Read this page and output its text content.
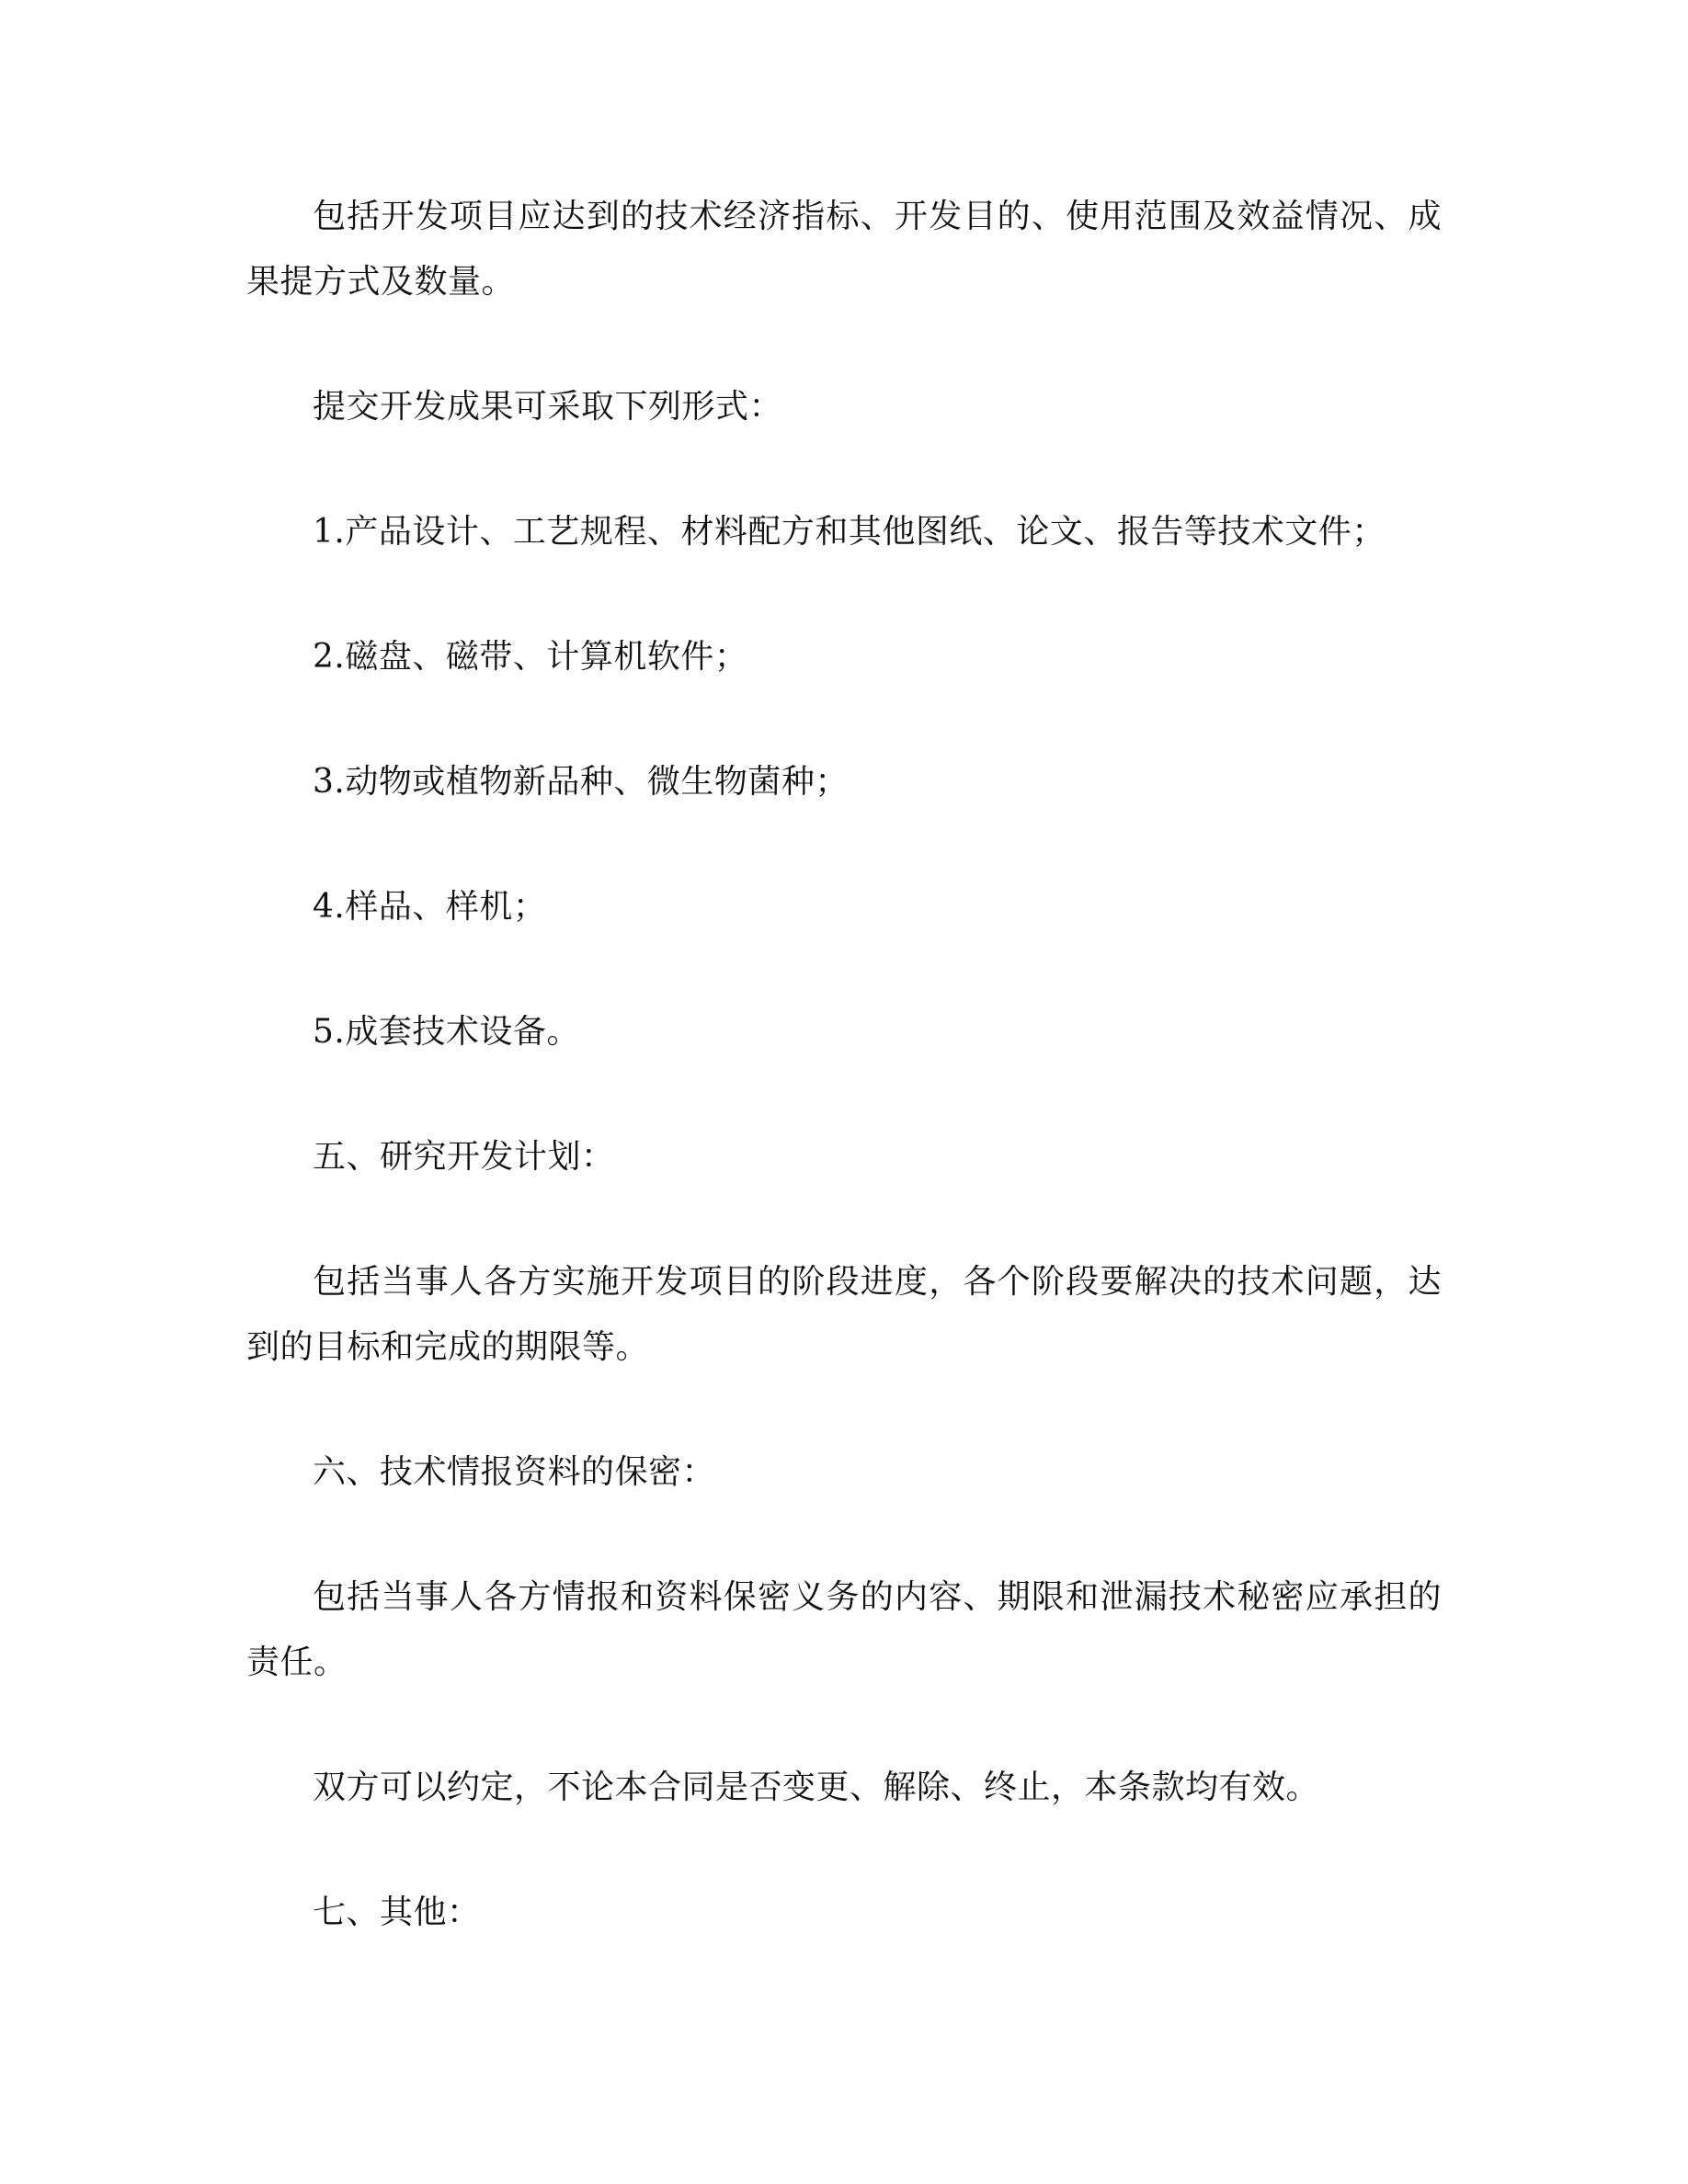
包括开发项目应达到的技术经济指标、开发目的、使用范围及效益情况、成果提方式及数量。

提交开发成果可采取下列形式：

1.产品设计、工艺规程、材料配方和其他图纸、论文、报告等技术文件；

2.磁盘、磁带、计算机软件；

3.动物或植物新品种、微生物菌种；

4.样品、样机；

5.成套技术设备。

五、研究开发计划：

包括当事人各方实施开发项目的阶段进度，各个阶段要解决的技术问题，达到的目标和完成的期限等。

六、技术情报资料的保密：

包括当事人各方情报和资料保密义务的内容、期限和泄漏技术秘密应承担的责任。

双方可以约定，不论本合同是否变更、解除、终止，本条款均有效。

七、其他：
